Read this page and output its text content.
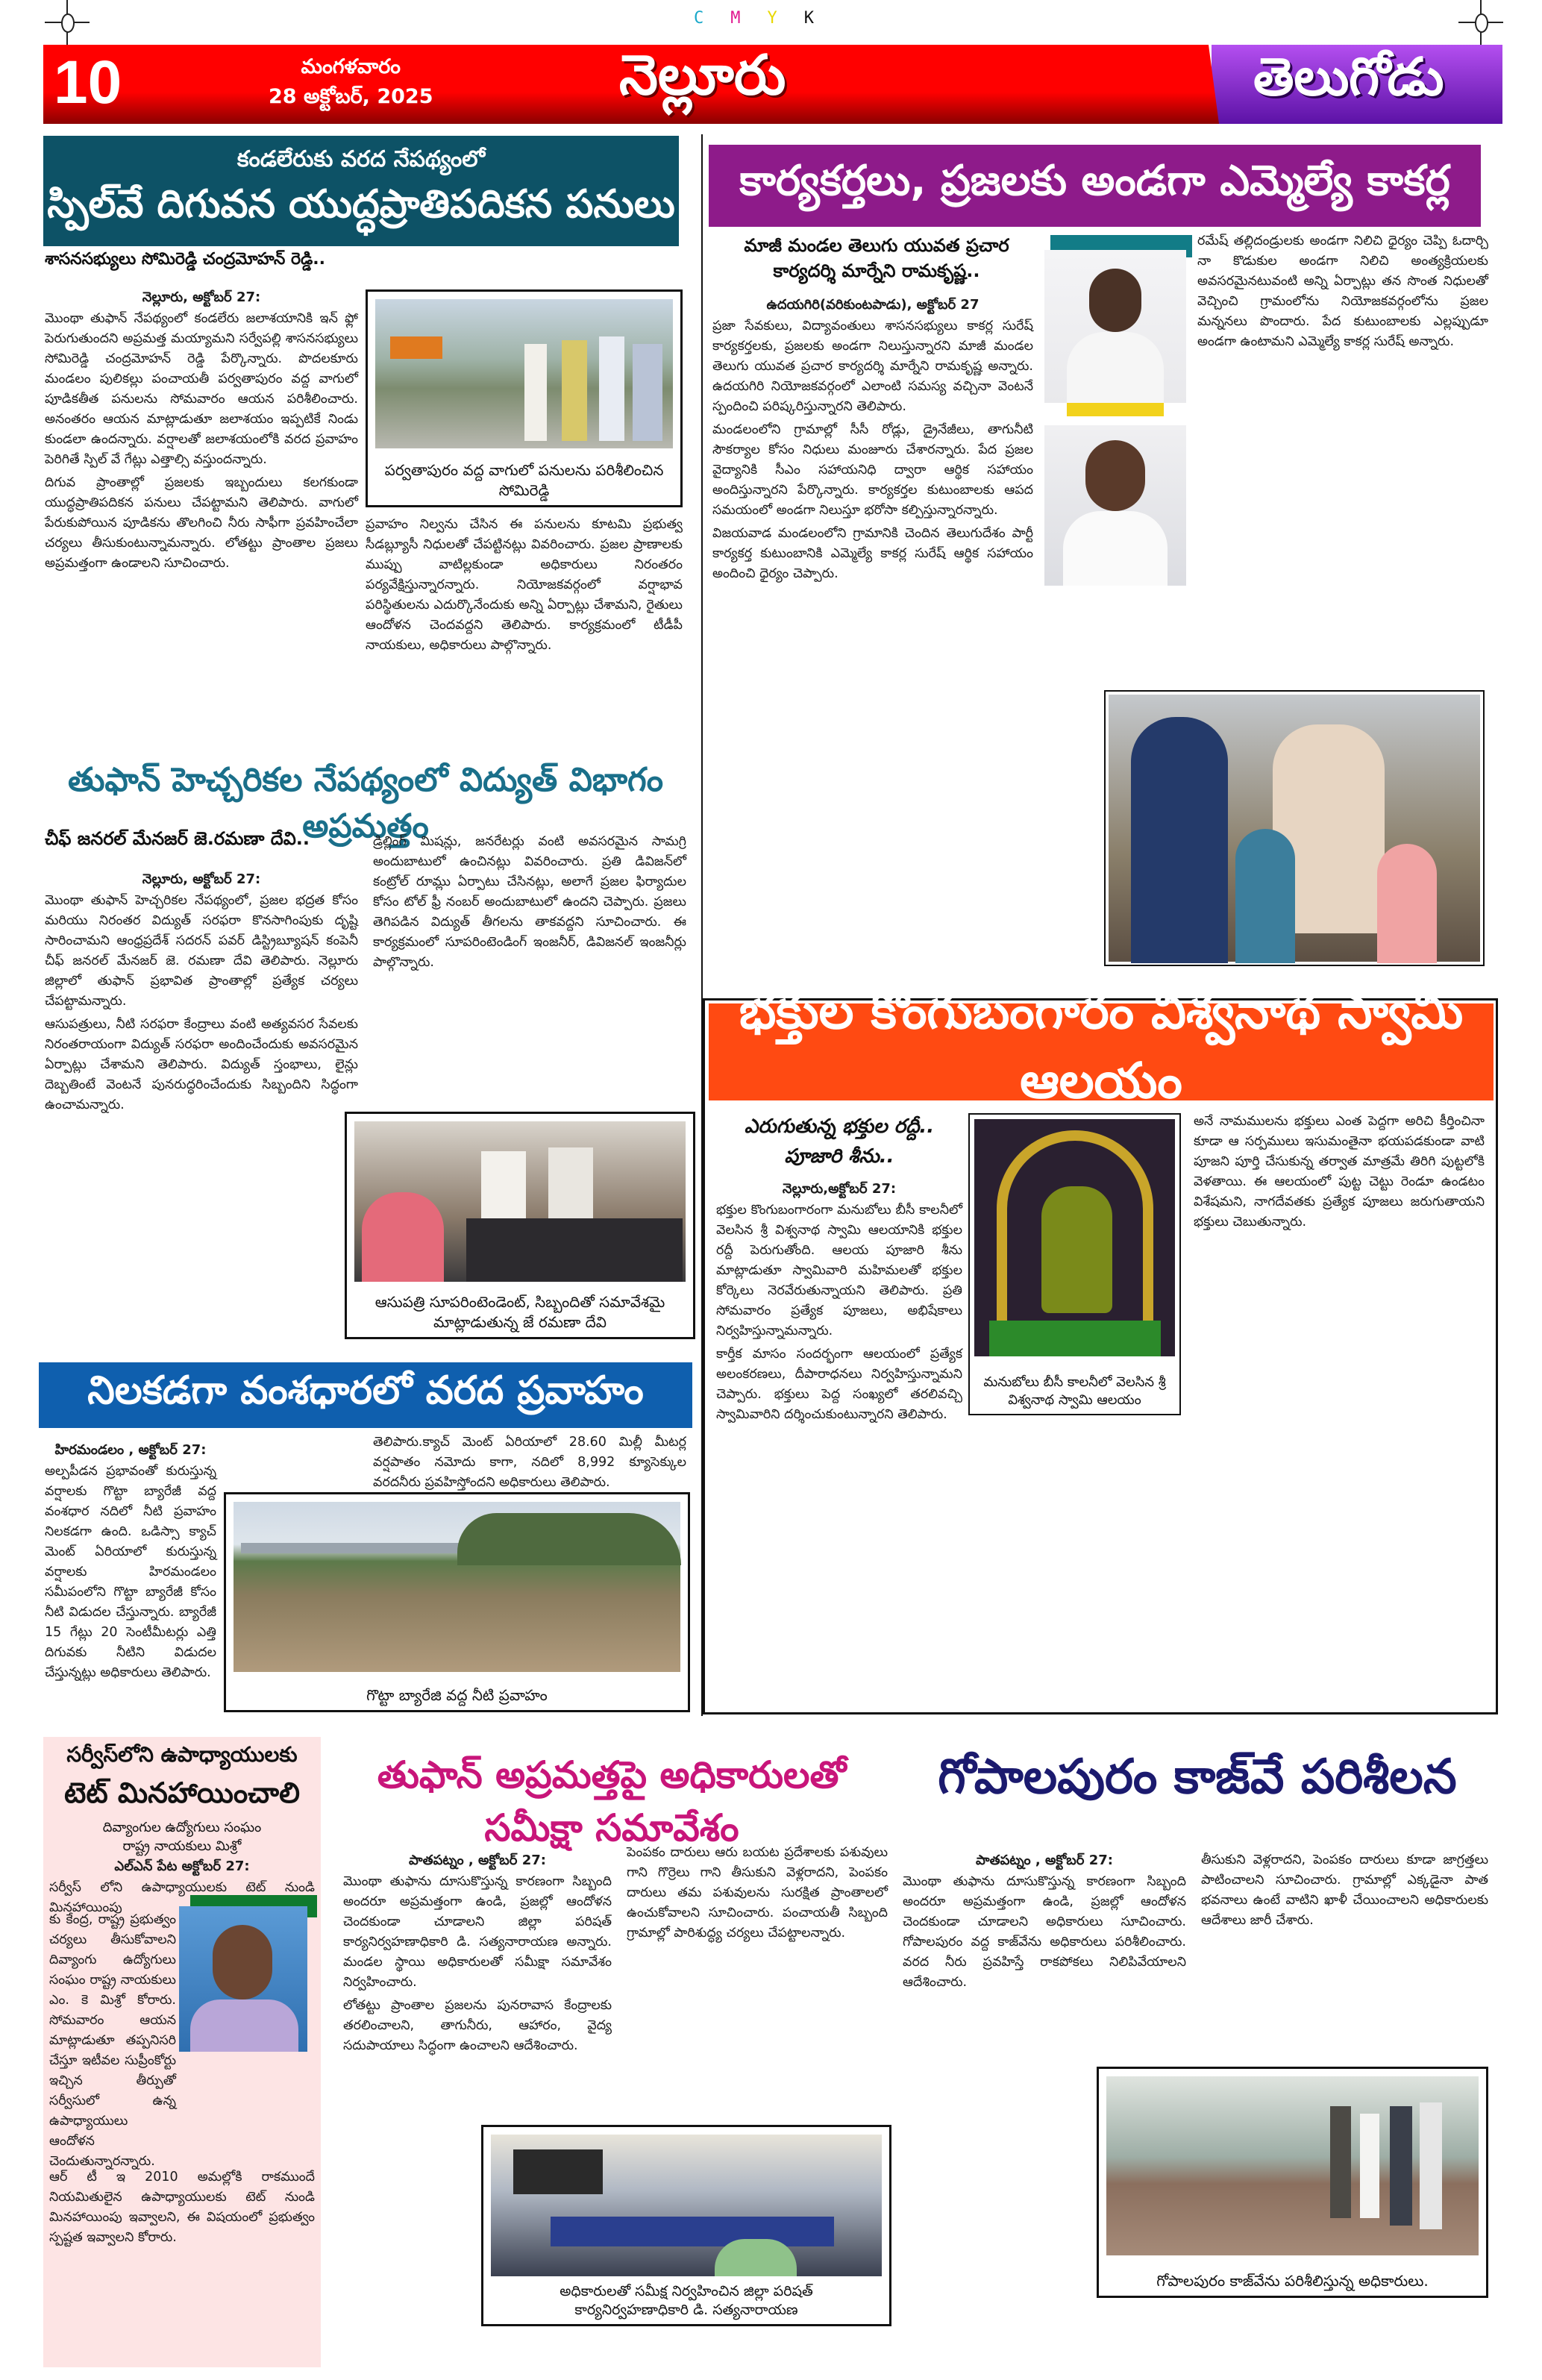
CMYK
10	మంగళవారం
28 అక్టోబర్, 2025	నెల్లూరు	తెలుగోడు
కండలేరుకు వరద నేపథ్యంలో
స్పిల్‌వే దిగువన యుద్ధప్రాతిపదికన పనులు
శాసనసభ్యులు సోమిరెడ్డి చంద్రమోహన్ రెడ్డి..
నెల్లూరు, అక్టోబర్ 27:

మొంథా తుఫాన్ నేపథ్యంలో కండలేరు జలాశయానికి ఇన్ ఫ్లో పెరుగుతుందని అప్రమత్త మయ్యామని సర్వేపల్లి శాసనసభ్యులు సోమిరెడ్డి చంద్రమోహన్ రెడ్డి పేర్కొన్నారు. పొదలకూరు మండలం పులికల్లు పంచాయతీ పర్వతాపురం వద్ద వాగులో పూడికతీత పనులను సోమవారం ఆయన పరిశీలించారు. అనంతరం ఆయన మాట్లాడుతూ జలాశయం ఇప్పటికే నిండు కుండలా ఉందన్నారు. వర్షాలతో జలాశయంలోకి వరద ప్రవాహం పెరిగితే స్పిల్ వే గేట్లు ఎత్తాల్సి వస్తుందన్నారు.

దిగువ ప్రాంతాల్లో ప్రజలకు ఇబ్బందులు కలగకుండా యుద్ధప్రాతిపదికన పనులు చేపట్టామని తెలిపారు. వాగులో పేరుకుపోయిన పూడికను తొలగించి నీరు సాఫీగా ప్రవహించేలా చర్యలు తీసుకుంటున్నామన్నారు. లోతట్టు ప్రాంతాల ప్రజలు అప్రమత్తంగా ఉండాలని సూచించారు.

పర్వతాపురం వద్ద వాగులో పనులను పరిశీలించిన సోమిరెడ్డి

ప్రవాహం నిల్వను చేసిన ఈ పనులను కూటమి ప్రభుత్వ సీడబ్ల్యూసీ నిధులతో చేపట్టినట్లు వివరించారు. ప్రజల ప్రాణాలకు ముప్పు వాటిల్లకుండా అధికారులు నిరంతరం పర్యవేక్షిస్తున్నారన్నారు. నియోజకవర్గంలో వర్షాభావ పరిస్థితులను ఎదుర్కొనేందుకు అన్ని ఏర్పాట్లు చేశామని, రైతులు ఆందోళన చెందవద్దని తెలిపారు. కార్యక్రమంలో టీడీపీ నాయకులు, అధికారులు పాల్గొన్నారు.

తుఫాన్ హెచ్చరికల నేపథ్యంలో విద్యుత్ విభాగం అప్రమత్తం
చీఫ్ జనరల్ మేనజర్ జె.రమణా దేవి..
నెల్లూరు, అక్టోబర్ 27:

మొంథా తుఫాన్ హెచ్చరికల నేపథ్యంలో, ప్రజల భద్రత కోసం మరియు నిరంతర విద్యుత్ సరఫరా కొనసాగింపుకు దృష్టి సారించామని ఆంధ్రప్రదేశ్ సదరన్ పవర్ డిస్ట్రిబ్యూషన్ కంపెనీ చీఫ్ జనరల్ మేనజర్ జె. రమణా దేవి తెలిపారు. నెల్లూరు జిల్లాలో తుఫాన్ ప్రభావిత ప్రాంతాల్లో ప్రత్యేక చర్యలు చేపట్టామన్నారు.

ఆసుపత్రులు, నీటి సరఫరా కేంద్రాలు వంటి అత్యవసర సేవలకు నిరంతరాయంగా విద్యుత్ సరఫరా అందించేందుకు అవసరమైన ఏర్పాట్లు చేశామని తెలిపారు. విద్యుత్ స్తంభాలు, లైన్లు దెబ్బతింటే వెంటనే పునరుద్ధరించేందుకు సిబ్బందిని సిద్ధంగా ఉంచామన్నారు.

డ్రిల్లింగ్ మిషన్లు, జనరేటర్లు వంటి అవసరమైన సామగ్రి అందుబాటులో ఉంచినట్లు వివరించారు. ప్రతి డివిజన్‌లో కంట్రోల్ రూమ్లు ఏర్పాటు చేసినట్లు, అలాగే ప్రజల ఫిర్యాదుల కోసం టోల్ ఫ్రీ నంబర్ అందుబాటులో ఉందని చెప్పారు. ప్రజలు తెగిపడిన విద్యుత్ తీగలను తాకవద్దని సూచించారు. ఈ కార్యక్రమంలో సూపరింటెండింగ్ ఇంజనీర్, డివిజనల్ ఇంజనీర్లు పాల్గొన్నారు.

ఆసుపత్రి సూపరింటెండెంట్, సిబ్బందితో సమావేశమై మాట్లాడుతున్న జే రమణా దేవి
నిలకడగా వంశధారలో వరద ప్రవాహం
హిరమండలం , అక్టోబర్ 27:

అల్పపీడన ప్రభావంతో కురుస్తున్న వర్షాలకు గొట్టా బ్యారేజీ వద్ద వంశధార నదిలో నీటి ప్రవాహం నిలకడగా ఉంది. ఒడిస్సా క్యాచ్ మెంట్ ఏరియాలో కురుస్తున్న వర్షాలకు హిరమండలం సమీపంలోని గొట్టా బ్యారేజీ కోసం నీటి విడుదల చేస్తున్నారు. బ్యారేజీ 15 గేట్లు 20 సెంటీమీటర్లు ఎత్తి దిగువకు నీటిని విడుదల చేస్తున్నట్లు అధికారులు తెలిపారు.

తెలిపారు.క్యాచ్ మెంట్ ఏరియాలో 28.60 మిల్లీ మీటర్ల వర్షపాతం నమోదు కాగా, నదిలో 8,992 క్యూసెక్కుల వరదనీరు ప్రవహిస్తోందని అధికారులు తెలిపారు.

గొట్టా బ్యారేజి వద్ద నీటి ప్రవాహం
కార్యకర్తలు, ప్రజలకు అండగా ఎమ్మెల్యే కాకర్ల
మాజీ మండల తెలుగు యువత ప్రచార కార్యదర్శి మార్నేని రామకృష్ణ..
ఉదయగిరి(వరికుంటపాడు), అక్టోబర్ 27

ప్రజా సేవకులు, విద్యావంతులు శాసనసభ్యులు కాకర్ల సురేష్ కార్యకర్తలకు, ప్రజలకు అండగా నిలుస్తున్నారని మాజీ మండల తెలుగు యువత ప్రచార కార్యదర్శి మార్నేని రామకృష్ణ అన్నారు. ఉదయగిరి నియోజకవర్గంలో ఎలాంటి సమస్య వచ్చినా వెంటనే స్పందించి పరిష్కరిస్తున్నారని తెలిపారు.

మండలంలోని గ్రామాల్లో సీసీ రోడ్లు, డ్రైనేజీలు, తాగునీటి సౌకర్యాల కోసం నిధులు మంజూరు చేశారన్నారు. పేద ప్రజల వైద్యానికి సీఎం సహాయనిధి ద్వారా ఆర్థిక సహాయం అందిస్తున్నారని పేర్కొన్నారు. కార్యకర్తల కుటుంబాలకు ఆపద సమయంలో అండగా నిలుస్తూ భరోసా కల్పిస్తున్నారన్నారు.

విజయవాడ మండలంలోని గ్రామానికి చెందిన తెలుగుదేశం పార్టీ కార్యకర్త కుటుంబానికి ఎమ్మెల్యే కాకర్ల సురేష్ ఆర్థిక సహాయం అందించి ధైర్యం చెప్పారు.

రమేష్ తల్లిదండ్రులకు అండగా నిలిచి ధైర్యం చెప్పి ఓదార్చి నా కొడుకుల అండగా నిలిచి అంత్యక్రియలకు అవసరమైనటువంటి అన్ని ఏర్పాట్లు తన సొంత నిధులతో వెచ్చించి గ్రామంలోను నియోజకవర్గంలోను ప్రజల మన్ననలు పొందారు. పేద కుటుంబాలకు ఎల్లప్పుడూ అండగా ఉంటామని ఎమ్మెల్యే కాకర్ల సురేష్ అన్నారు.

భక్తుల కొంగుబంగారం విశ్వనాథ స్వామి ఆలయం
ఎరుగుతున్న భక్తుల రద్దీ..
పూజారి శీను..
నెల్లూరు,అక్టోబర్ 27:

భక్తుల కొంగుబంగారంగా మనుబోలు బీసీ కాలనీలో వెలసిన శ్రీ విశ్వనాథ స్వామి ఆలయానికి భక్తుల రద్దీ పెరుగుతోంది. ఆలయ పూజారి శీను మాట్లాడుతూ స్వామివారి మహిమలతో భక్తుల కోర్కెలు నెరవేరుతున్నాయని తెలిపారు. ప్రతి సోమవారం ప్రత్యేక పూజలు, అభిషేకాలు నిర్వహిస్తున్నామన్నారు.

కార్తీక మాసం సందర్భంగా ఆలయంలో ప్రత్యేక అలంకరణలు, దీపారాధనలు నిర్వహిస్తున్నామని చెప్పారు. భక్తులు పెద్ద సంఖ్యలో తరలివచ్చి స్వామివారిని దర్శించుకుంటున్నారని తెలిపారు.

మనుబోలు బీసీ కాలనీలో వెలసిన శ్రీ విశ్వనాథ స్వామి ఆలయం

అనే నామములను భక్తులు ఎంత పెద్దగా అరిచి కీర్తించినా కూడా ఆ సర్పములు ఇసుమంతైనా భయపడకుండా వాటి పూజని పూర్తి చేసుకున్న తర్వాత మాత్రమే తిరిగి పుట్టలోకి వెళతాయి. ఈ ఆలయంలో పుట్ట చెట్టు రెండూ ఉండటం విశేషమని, నాగదేవతకు ప్రత్యేక పూజలు జరుగుతాయని భక్తులు చెబుతున్నారు.

సర్వీస్‌లోని ఉపాధ్యాయులకు
టెట్ మినహాయించాలి
దివ్యాంగుల ఉద్యోగులు సంఘం
రాష్ట్ర నాయకులు మిశ్రో
ఎల్‌ఎన్ పేట అక్టోబర్ 27:

సర్వీస్ లోని ఉపాధ్యాయులకు టెట్ నుండి మినహాయింపు

కు కేంద్ర, రాష్ట్ర ప్రభుత్వం చర్యలు తీసుకోవాలని దివ్యాంగు ఉద్యోగులు సంఘం రాష్ట్ర నాయకులు ఎం. కె మిశ్రో కోరారు. సోమవారం ఆయన మాట్లాడుతూ తప్పనిసరి చేస్తూ ఇటీవల సుప్రీంకోర్టు ఇచ్చిన తీర్పుతో సర్వీసులో ఉన్న ఉపాధ్యాయులు ఆందోళన చెందుతున్నారన్నారు.

ఆర్ టీ ఇ 2010 అమల్లోకి రాకముందే నియమితులైన ఉపాధ్యాయులకు టెట్ నుండి మినహాయింపు ఇవ్వాలని, ఈ విషయంలో ప్రభుత్వం స్పష్టత ఇవ్వాలని కోరారు.

తుఫాన్ అప్రమత్తపై అధికారులతో సమీక్షా సమావేశం
పాతపట్నం , అక్టోబర్ 27:

మొంథా తుఫాను దూసుకొస్తున్న కారణంగా సిబ్బంది అందరూ అప్రమత్తంగా ఉండి, ప్రజల్లో ఆందోళన చెందకుండా చూడాలని జిల్లా పరిషత్ కార్యనిర్వహణాధికారి డి. సత్యనారాయణ అన్నారు. మండల స్థాయి అధికారులతో సమీక్షా సమావేశం నిర్వహించారు.

లోతట్టు ప్రాంతాల ప్రజలను పునరావాస కేంద్రాలకు తరలించాలని, తాగునీరు, ఆహారం, వైద్య సదుపాయాలు సిద్ధంగా ఉంచాలని ఆదేశించారు.

పెంపకం దారులు ఆరు బయట ప్రదేశాలకు పశువులు గాని గొర్రెలు గాని తీసుకుని వెళ్లరాదని, పెంపకం దారులు తమ పశువులను సురక్షిత ప్రాంతాలలో ఉంచుకోవాలని సూచించారు. పంచాయతీ సిబ్బంది గ్రామాల్లో పారిశుద్ధ్య చర్యలు చేపట్టాలన్నారు.

అధికారులతో సమీక్ష నిర్వహించిన జిల్లా పరిషత్
కార్యనిర్వహణాధికారి డి. సత్యనారాయణ
గోపాలపురం కాజ్‌వే పరిశీలన
పాతపట్నం , అక్టోబర్ 27:

మొంథా తుఫాను దూసుకొస్తున్న కారణంగా సిబ్బంది అందరూ అప్రమత్తంగా ఉండి, ప్రజల్లో ఆందోళన చెందకుండా చూడాలని అధికారులు సూచించారు. గోపాలపురం వద్ద కాజ్‌వేను అధికారులు పరిశీలించారు. వరద నీరు ప్రవహిస్తే రాకపోకలు నిలిపివేయాలని ఆదేశించారు.

తీసుకుని వెళ్లరాదని, పెంపకం దారులు కూడా జాగ్రత్తలు పాటించాలని సూచించారు. గ్రామాల్లో ఎక్కడైనా పాత భవనాలు ఉంటే వాటిని ఖాళీ చేయించాలని అధికారులకు ఆదేశాలు జారీ చేశారు.

గోపాలపురం కాజ్‌వేను పరిశీలిస్తున్న అధికారులు.
